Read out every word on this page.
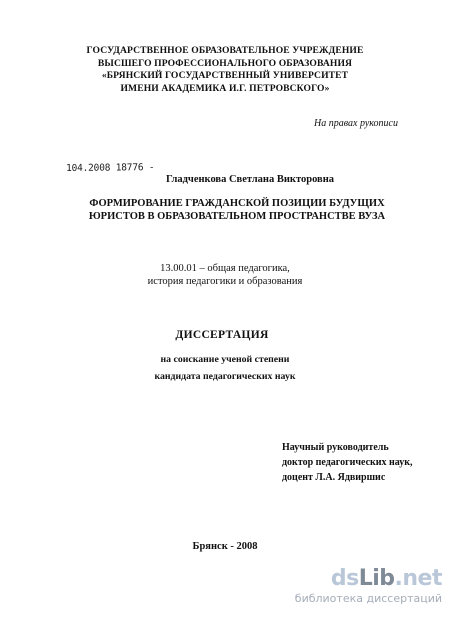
ГОСУДАРСТВЕННОЕ ОБРАЗОВАТЕЛЬНОЕ УЧРЕЖДЕНИЕ
ВЫСШЕГО ПРОФЕССИОНАЛЬНОГО ОБРАЗОВАНИЯ
«БРЯНСКИЙ ГОСУДАРСТВЕННЫЙ УНИВЕРСИТЕТ
ИМЕНИ АКАДЕМИКА И.Г. ПЕТРОВСКОГО»
На правах рукописи
104.2008 18776 -
Гладченкова Светлана Викторовна
ФОРМИРОВАНИЕ ГРАЖДАНСКОЙ ПОЗИЦИИ БУДУЩИХ
ЮРИСТОВ В ОБРАЗОВАТЕЛЬНОМ ПРОСТРАНСТВЕ ВУЗА
13.00.01 – общая педагогика,
история педагогики и образования
ДИССЕРТАЦИЯ
на соискание ученой степени
кандидата педагогических наук
Научный руководитель
доктор педагогических наук,
доцент Л.А. Ядвиршис
Брянск - 2008
dsLib.net
библиотека диссертаций
